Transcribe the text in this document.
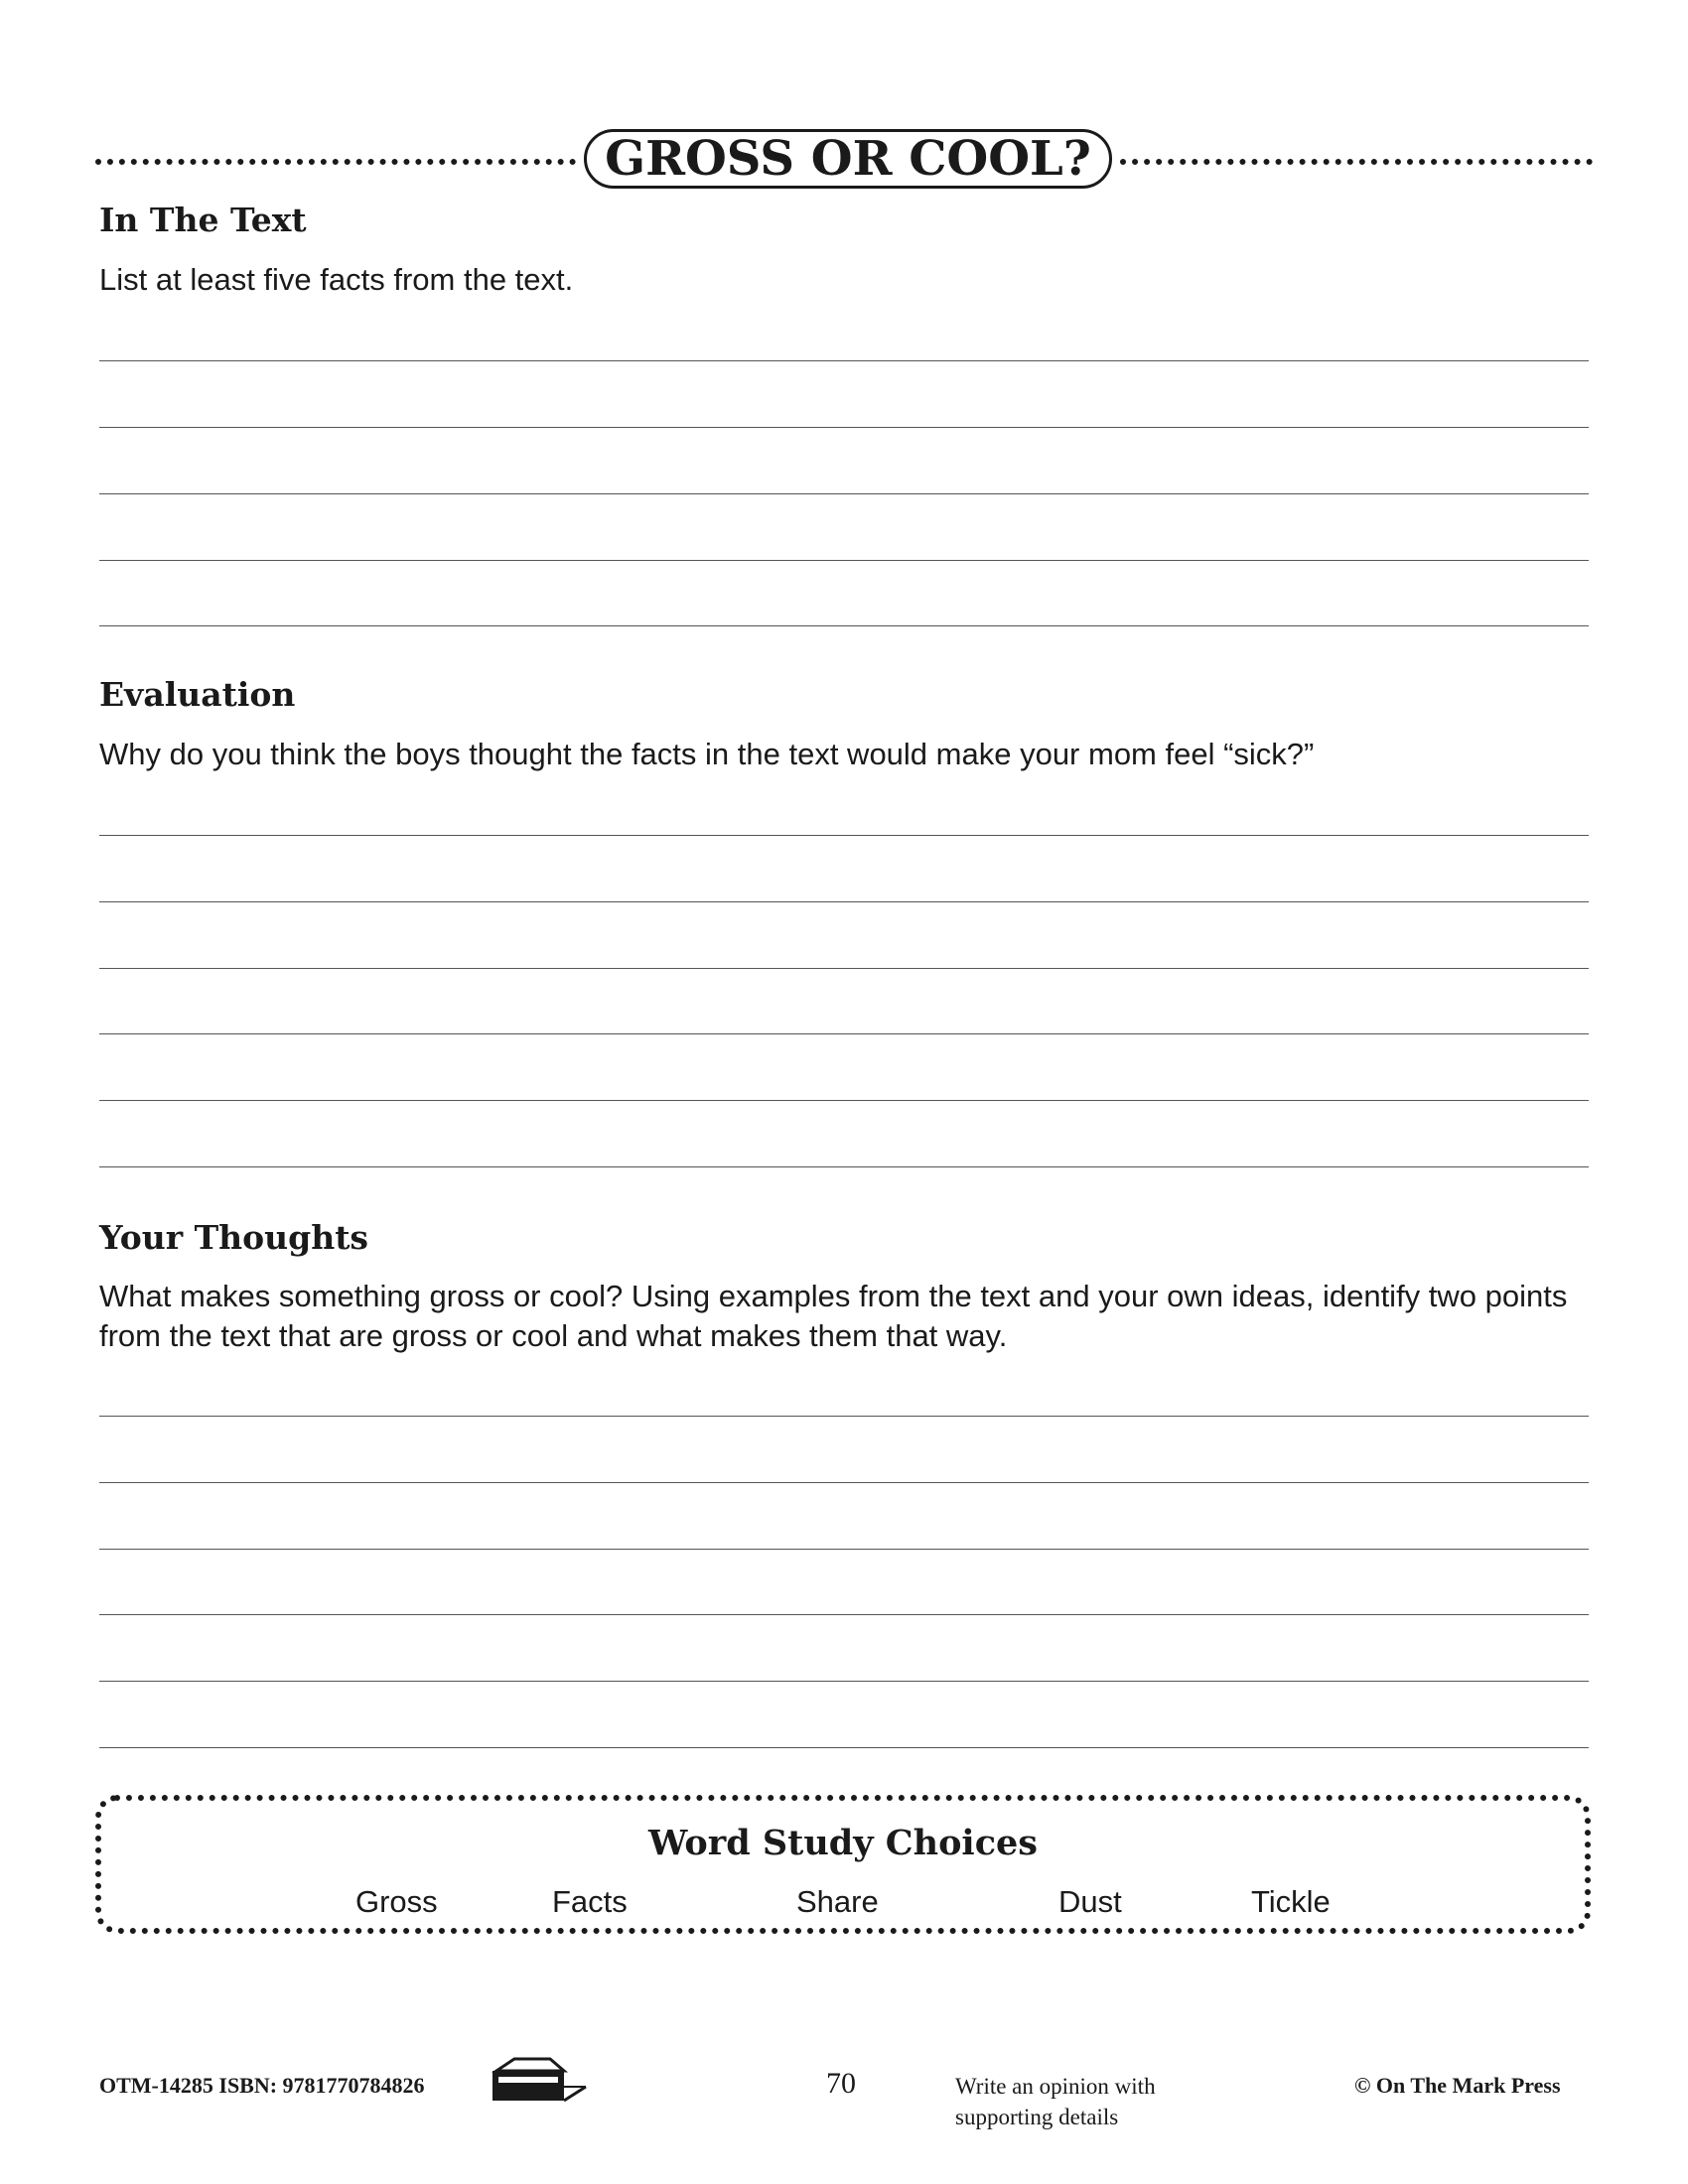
GROSS OR COOL?
In The Text
List at least five facts from the text.
Evaluation
Why do you think the boys thought the facts in the text would make your mom feel “sick?”
Your Thoughts
What makes something gross or cool? Using examples from the text and your own ideas, identify two points from the text that are gross or cool and what makes them that way.
Word Study Choices
Gross	Facts	Share	Dust	Tickle
OTM-14285 ISBN: 9781770784826	70	Write an opinion with
supporting details
© On The Mark Press
